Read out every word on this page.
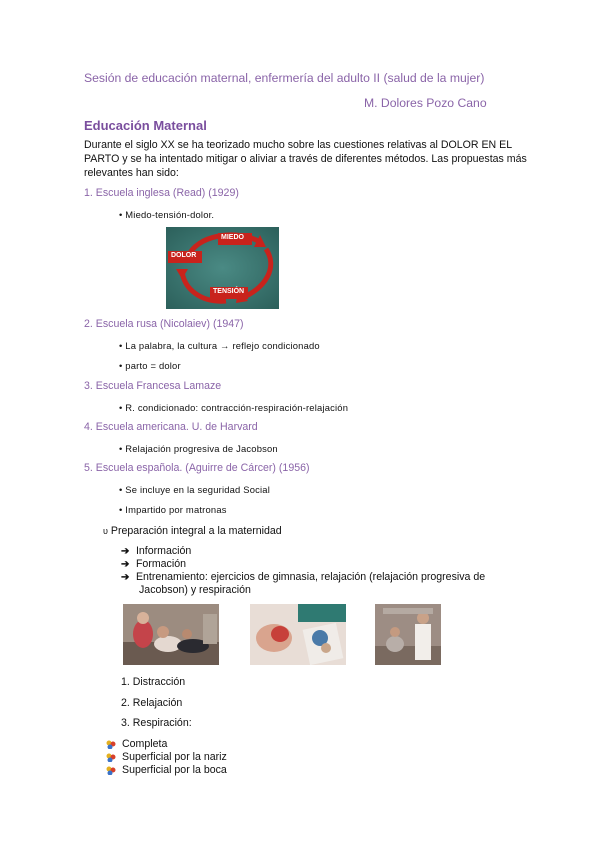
Sesión de educación maternal, enfermería del adulto II (salud de la mujer)
M. Dolores Pozo Cano
Educación Maternal
Durante el siglo XX se ha teorizado mucho sobre las cuestiones relativas al DOLOR EN EL
PARTO y se ha intentado mitigar o aliviar a través de diferentes métodos. Las propuestas más
relevantes han sido:
1. Escuela inglesa (Read) (1929)
• Miedo-tensión-dolor.
MIEDO
DOLOR
TENSIÓN
2. Escuela rusa (Nicolaiev) (1947)
• La palabra, la cultura → reflejo condicionado
• parto = dolor
3. Escuela Francesa Lamaze
• R. condicionado: contracción-respiración-relajación
4. Escuela americana. U. de Harvard
• Relajación progresiva de Jacobson
5. Escuela española. (Aguirre de Cárcer) (1956)
• Se incluye en la seguridad Social
• Impartido por matronas
υ Preparación integral a la maternidad
➔ Información
➔ Formación
➔ Entrenamiento: ejercicios de gimnasia, relajación (relajación progresiva de
Jacobson) y respiración
1. Distracción
2. Relajación
3. Respiración:
Completa
Superficial por la nariz
Superficial por la boca
